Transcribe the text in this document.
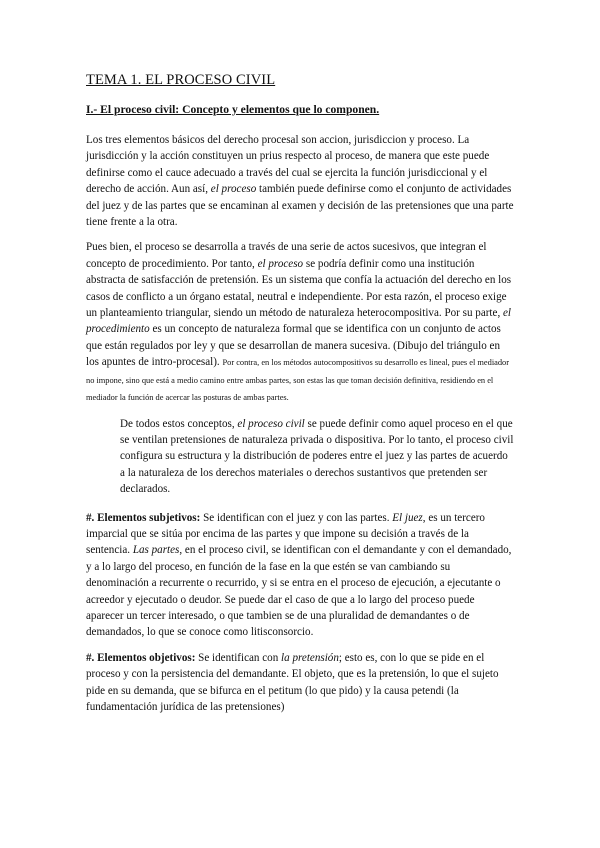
TEMA 1. EL PROCESO CIVIL
I.- El proceso civil: Concepto y elementos que lo componen.

Los tres elementos básicos del derecho procesal son accion, jurisdiccion y proceso. La jurisdicción y la acción constituyen un prius respecto al proceso, de manera que este puede definirse como el cauce adecuado a través del cual se ejercita la función jurisdiccional y el derecho de acción. Aun así, el proceso también puede definirse como el conjunto de actividades del juez y de las partes que se encaminan al examen y decisión de las pretensiones que una parte tiene frente a la otra.

Pues bien, el proceso se desarrolla a través de una serie de actos sucesivos, que integran el concepto de procedimiento. Por tanto, el proceso se podría definir como una institución abstracta de satisfacción de pretensión. Es un sistema que confía la actuación del derecho en los casos de conflicto a un órgano estatal, neutral e independiente. Por esta razón, el proceso exige un planteamiento triangular, siendo un método de naturaleza heterocompositiva. Por su parte, el procedimiento es un concepto de naturaleza formal que se identifica con un conjunto de actos que están regulados por ley y que se desarrollan de manera sucesiva. (Dibujo del triángulo en los apuntes de intro-procesal). Por contra, en los métodos autocompositivos su desarrollo es lineal, pues el mediador no impone, sino que está a medio camino entre ambas partes, son estas las que toman decisión definitiva, residiendo en el mediador la función de acercar las posturas de ambas partes.

De todos estos conceptos, el proceso civil se puede definir como aquel proceso en el que se ventilan pretensiones de naturaleza privada o dispositiva. Por lo tanto, el proceso civil configura su estructura y la distribución de poderes entre el juez y las partes de acuerdo a la naturaleza de los derechos materiales o derechos sustantivos que pretenden ser declarados.

#. Elementos subjetivos: Se identifican con el juez y con las partes. El juez, es un tercero imparcial que se sitúa por encima de las partes y que impone su decisión a través de la sentencia. Las partes, en el proceso civil, se identifican con el demandante y con el demandado, y a lo largo del proceso, en función de la fase en la que estén se van cambiando su denominación a recurrente o recurrido, y si se entra en el proceso de ejecución, a ejecutante o acreedor y ejecutado o deudor. Se puede dar el caso de que a lo largo del proceso puede aparecer un tercer interesado, o que tambien se de una pluralidad de demandantes o de demandados, lo que se conoce como litisconsorcio.

#. Elementos objetivos: Se identifican con la pretensión; esto es, con lo que se pide en el proceso y con la persistencia del demandante. El objeto, que es la pretensión, lo que el sujeto pide en su demanda, que se bifurca en el petitum (lo que pido) y la causa petendi (la fundamentación jurídica de las pretensiones)
